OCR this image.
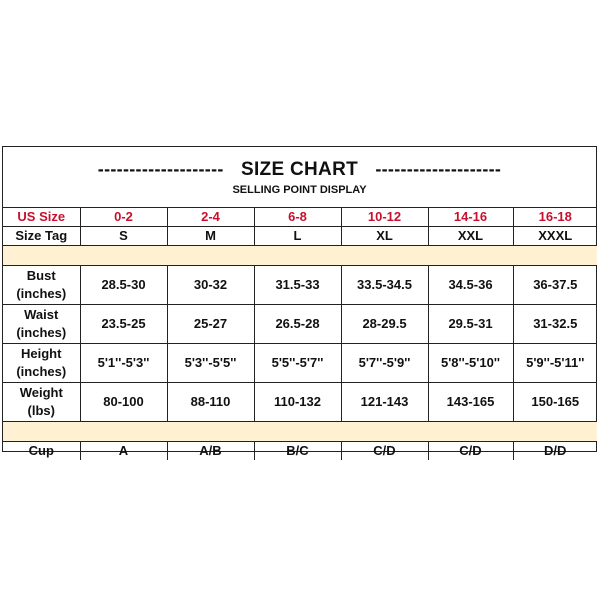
-------------------- SIZE CHART --------------------
SELLING POINT DISPLAY
US Size	0-2	2-4	6-8	10-12	14-16	16-18
Size Tag	S	M	L	XL	XXL	XXXL

Bust
(inches)	28.5-30	30-32	31.5-33	33.5-34.5	34.5-36	36-37.5
Waist
(inches)	23.5-25	25-27	26.5-28	28-29.5	29.5-31	31-32.5
Height
(inches)	5'1''-5'3''	5'3''-5'5''	5'5''-5'7''	5'7''-5'9''	5'8''-5'10''	5'9''-5'11''
Weight
(lbs)	80-100	88-110	110-132	121-143	143-165	150-165

Cup	A	A/B	B/C	C/D	C/D	D/D
